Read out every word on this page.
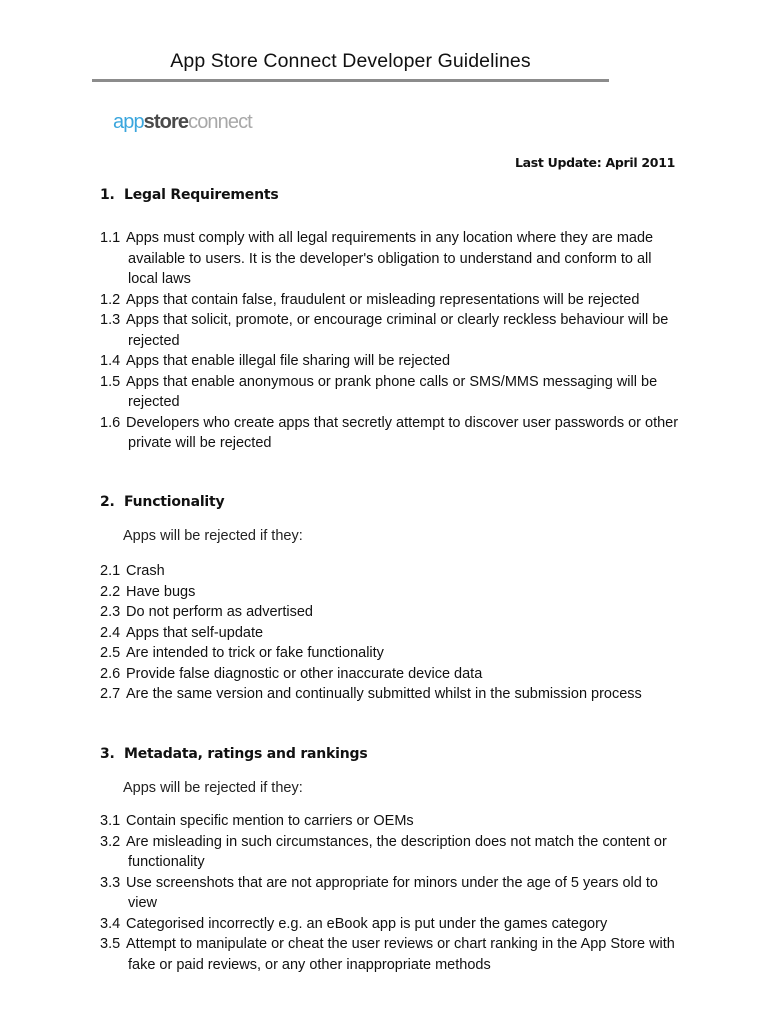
App Store Connect Developer Guidelines
appstoreconnect
Last Update: April 2011
1. Legal Requirements
1.1 Apps must comply with all legal requirements in any location where they are made available to users. It is the developer's obligation to understand and conform to all local laws
1.2 Apps that contain false, fraudulent or misleading representations will be rejected
1.3 Apps that solicit, promote, or encourage criminal or clearly reckless behaviour will be rejected
1.4 Apps that enable illegal file sharing will be rejected
1.5 Apps that enable anonymous or prank phone calls or SMS/MMS messaging will be rejected
1.6 Developers who create apps that secretly attempt to discover user passwords or other private will be rejected
2. Functionality
Apps will be rejected if they:
2.1 Crash
2.2 Have bugs
2.3 Do not perform as advertised
2.4 Apps that self-update
2.5 Are intended to trick or fake functionality
2.6 Provide false diagnostic or other inaccurate device data
2.7 Are the same version and continually submitted whilst in the submission process
3. Metadata, ratings and rankings
Apps will be rejected if they:
3.1 Contain specific mention to carriers or OEMs
3.2 Are misleading in such circumstances, the description does not match the content or functionality
3.3 Use screenshots that are not appropriate for minors under the age of 5 years old to view
3.4 Categorised incorrectly e.g. an eBook app is put under the games category
3.5 Attempt to manipulate or cheat the user reviews or chart ranking in the App Store with fake or paid reviews, or any other inappropriate methods
